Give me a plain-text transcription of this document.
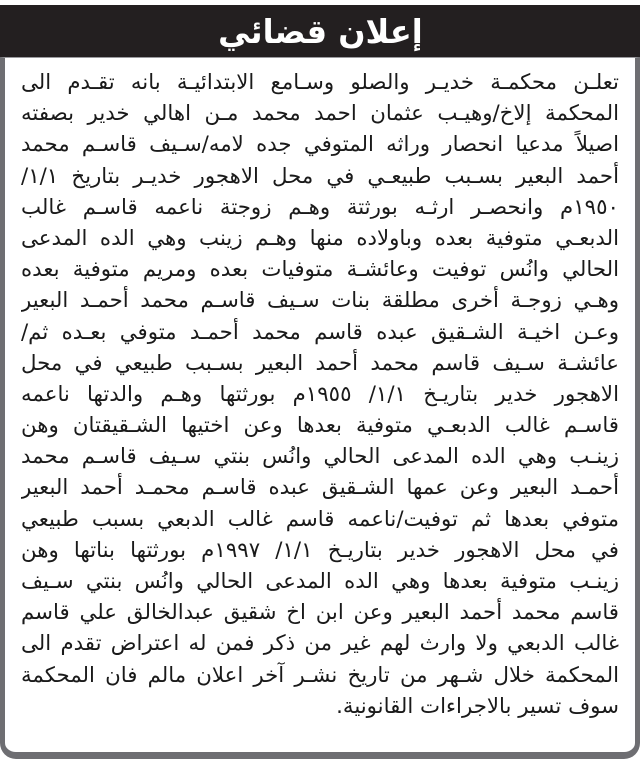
إعلان قضائي
تعلـن محكمـة خديـر والصلو وسـامع الابتدائيـة بانه تقـدم الى
المحكمة إلاخ/وهيـب عثمان احمد محمد مـن اهالي خدير بصفته
اصيلاً مدعيا انحصار وراثه المتوفي جده لامه/سـيف قاسـم محمد
أحمد البعير بسـبب طبيعـي في محل الاهجور خديـر بتاريخ ١/١/
١٩٥٠م وانحصـر ارثـه بورثتة وهـم زوجتة ناعمه قاسـم غالب
الدبعـي متوفية بعده وباولاده منها وهـم زينب وهي الده المدعى
الحالي وانُس توفيت وعائشـة متوفيات بعده ومريم متوفية بعده
وهـي زوجـة أخرى مطلقة بنات سـيف قاسـم محمد أحمـد البعير
وعـن اخيـة الشـقيق عبده قاسم محمد أحمـد متوفي بعـده ثم/
عائشـة سـيف قاسم محمد أحمد البعير بسـبب طبيعي في محل
الاهجور خدير بتاريـخ ١/١/ ١٩٥٥م بورثتها وهـم والدتها ناعمه
قاسـم غالب الدبعـي متوفية بعدها وعن اختيها الشـقيقتان وهن
زينـب وهي الده المدعى الحالي وانُس بنتي سـيف قاسـم محمد
أحمـد البعير وعن عمها الشـقيق عبده قاسـم محمـد أحمد البعير
متوفي بعدها ثم توفيت/ناعمه قاسم غالب الدبعي بسبب طبيعي
في محل الاهجور خدير بتاريـخ ١/١/ ١٩٩٧م بورثتها بناتها وهن
زينـب متوفية بعدها وهي الده المدعى الحالي وانُس بنتي سـيف
قاسم محمد أحمد البعير وعن ابن اخ شقيق عبدالخالق علي قاسم
غالب الدبعي ولا وارث لهم غير من ذكر فمن له اعتراض تقدم الى
المحكمة خلال شـهر من تاريخ نشـر آخر اعلان مالم فان المحكمة
سوف تسير بالاجراءات القانونية.
